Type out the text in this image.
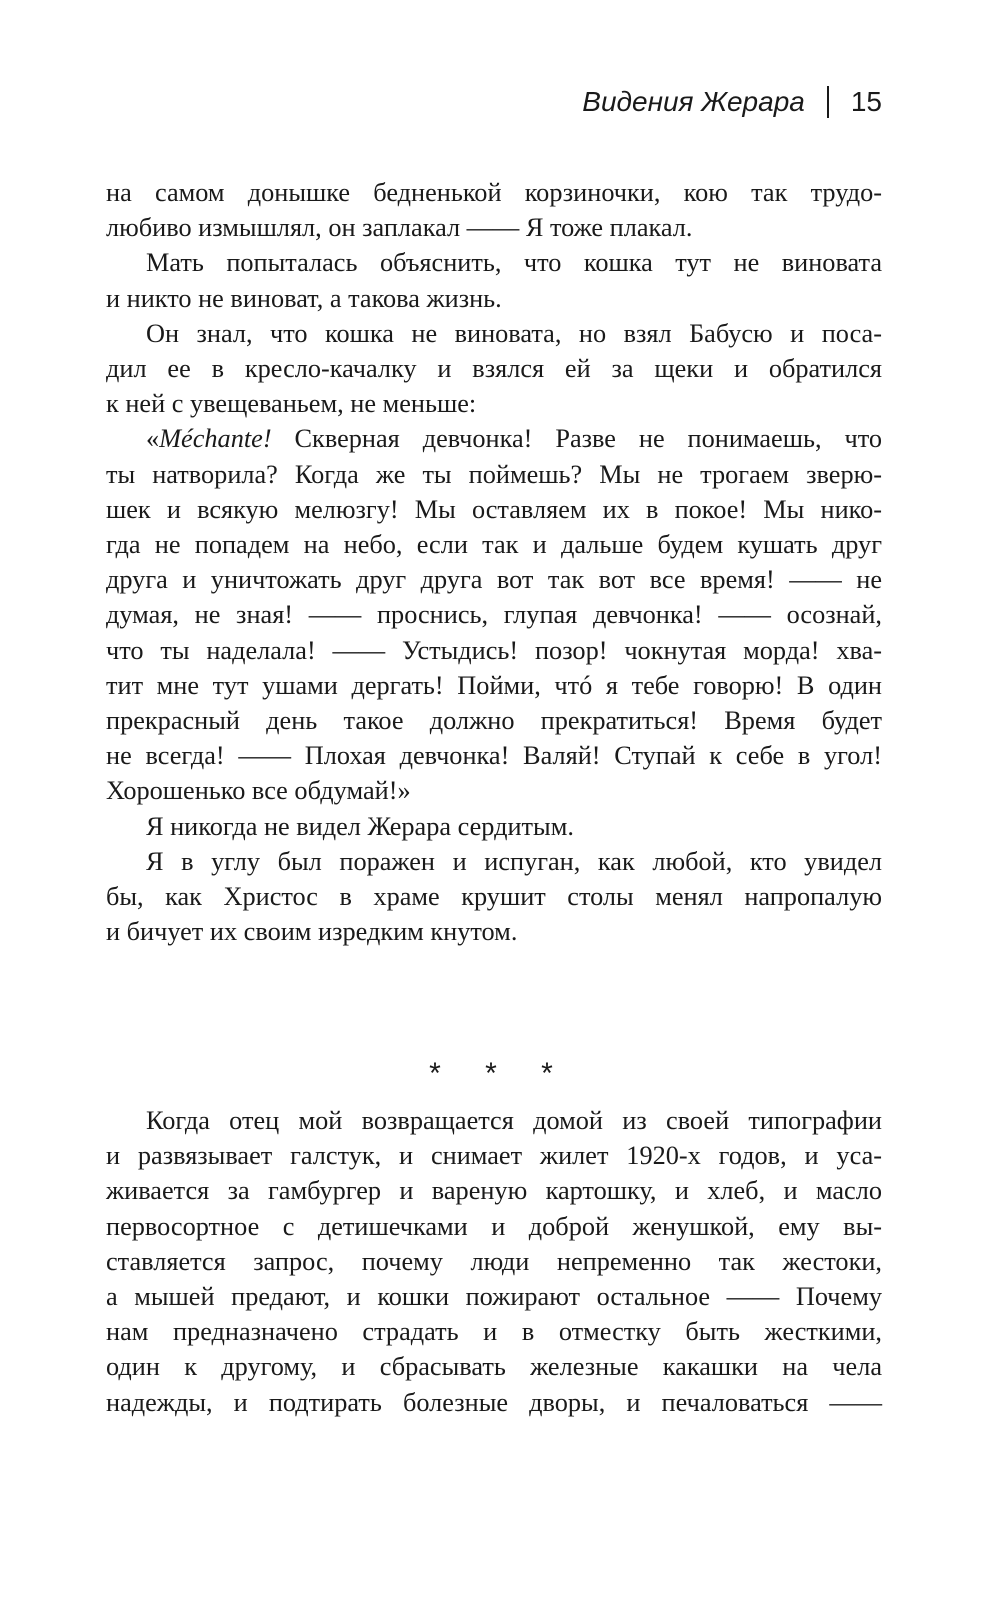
Видения Жерара 15
на самом донышке бедненькой корзиночки, кою так трудо-
любиво измышлял, он заплакал —— Я тоже плакал.
Мать попыталась объяснить, что кошка тут не виновата
и никто не виноват, а такова жизнь.
Он знал, что кошка не виновата, но взял Бабусю и поса-
дил ее в кресло-качалку и взялся ей за щеки и обратился
к ней с увещеваньем, не меньше:
«Méchante! Скверная девчонка! Разве не понимаешь, что
ты натворила? Когда же ты поймешь? Мы не трогаем зверю-
шек и всякую мелюзгу! Мы оставляем их в покое! Мы нико-
гда не попадем на небо, если так и дальше будем кушать друг
друга и уничтожать друг друга вот так вот все время! —— не
думая, не зная! —— проснись, глупая девчонка! —— осознай,
что ты наделала! —— Устыдись! позор! чокнутая морда! хва-
тит мне тут ушами дергать! Пойми, чтó я тебе говорю! В один
прекрасный день такое должно прекратиться! Время будет
не всегда! —— Плохая девчонка! Валяй! Ступай к себе в угол!
Хорошенько все обдумай!»
Я никогда не видел Жерара сердитым.
Я в углу был поражен и испуган, как любой, кто увидел
бы, как Христос в храме крушит столы менял напропалую
и бичует их своим изредким кнутом.
* * *
Когда отец мой возвращается домой из своей типографии
и развязывает галстук, и снимает жилет 1920-х годов, и уса-
живается за гамбургер и вареную картошку, и хлеб, и масло
первосортное с детишечками и доброй женушкой, ему вы-
ставляется запрос, почему люди непременно так жестоки,
а мышей предают, и кошки пожирают остальное —— Почему
нам предназначено страдать и в отместку быть жесткими,
один к другому, и сбрасывать железные какашки на чела
надежды, и подтирать болезные дворы, и печаловаться ——
